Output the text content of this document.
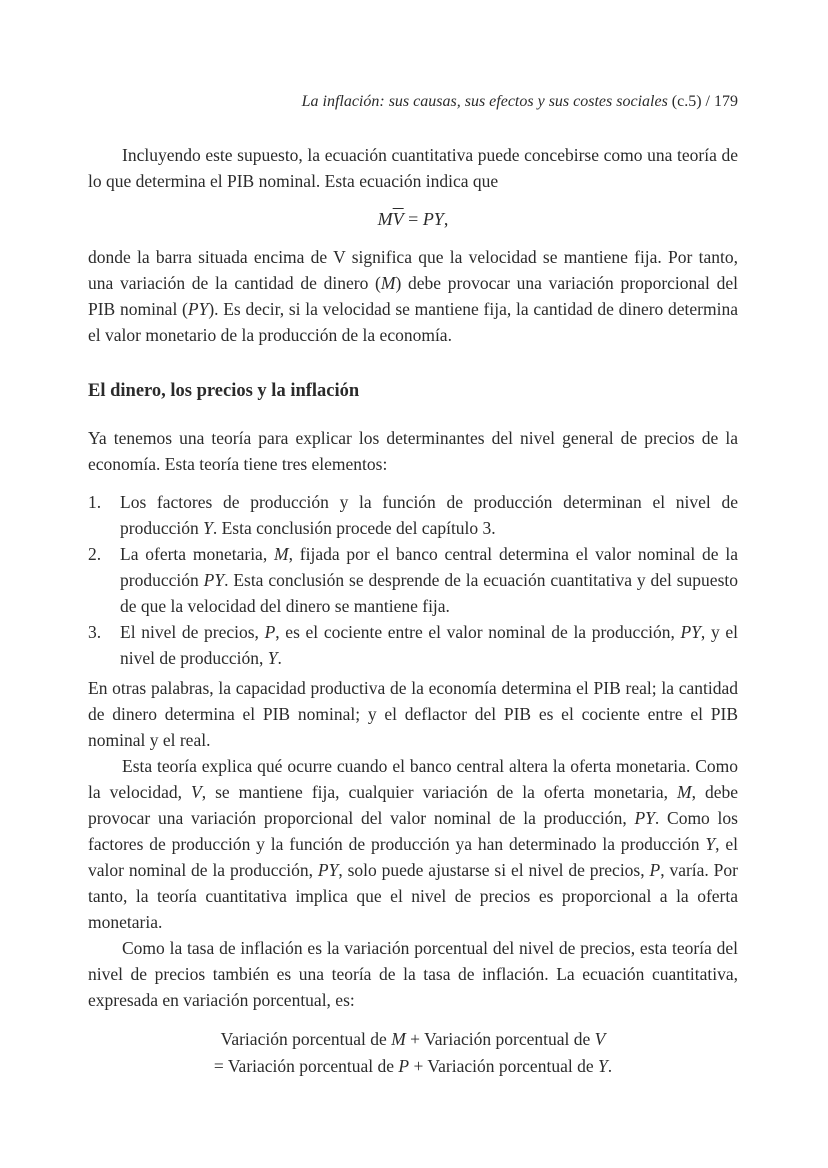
La inflación: sus causas, sus efectos y sus costes sociales (c.5) / 179

Incluyendo este supuesto, la ecuación cuantitativa puede concebirse como una teoría de lo que determina el PIB nominal. Esta ecuación indica que

$M\overline{V}$ = PY,

donde la barra situada encima de V significa que la velocidad se mantiene fija. Por tanto, una variación de la cantidad de dinero (M) debe provocar una variación proporcional del PIB nominal (PY). Es decir, si la velocidad se mantiene fija, la cantidad de dinero determina el valor monetario de la producción de la economía.

El dinero, los precios y la inflación

Ya tenemos una teoría para explicar los determinantes del nivel general de precios de la economía. Esta teoría tiene tres elementos:

1.	Los factores de producción y la función de producción determinan el nivel de producción Y. Esta conclusión procede del capítulo 3.
2.	La oferta monetaria, M, fijada por el banco central determina el valor nominal de la producción PY. Esta conclusión se desprende de la ecuación cuantitativa y del supuesto de que la velocidad del dinero se mantiene fija.
3.	El nivel de precios, P, es el cociente entre el valor nominal de la producción, PY, y el nivel de producción, Y.

En otras palabras, la capacidad productiva de la economía determina el PIB real; la cantidad de dinero determina el PIB nominal; y el deflactor del PIB es el cociente entre el PIB nominal y el real.

Esta teoría explica qué ocurre cuando el banco central altera la oferta monetaria. Como la velocidad, V, se mantiene fija, cualquier variación de la oferta monetaria, M, debe provocar una variación proporcional del valor nominal de la producción, PY. Como los factores de producción y la función de producción ya han determinado la producción Y, el valor nominal de la producción, PY, solo puede ajustarse si el nivel de precios, P, varía. Por tanto, la teoría cuantitativa implica que el nivel de precios es proporcional a la oferta monetaria.

Como la tasa de inflación es la variación porcentual del nivel de precios, esta teoría del nivel de precios también es una teoría de la tasa de inflación. La ecuación cuantitativa, expresada en variación porcentual, es:

Variación porcentual de M + Variación porcentual de V
= Variación porcentual de P + Variación porcentual de Y.
